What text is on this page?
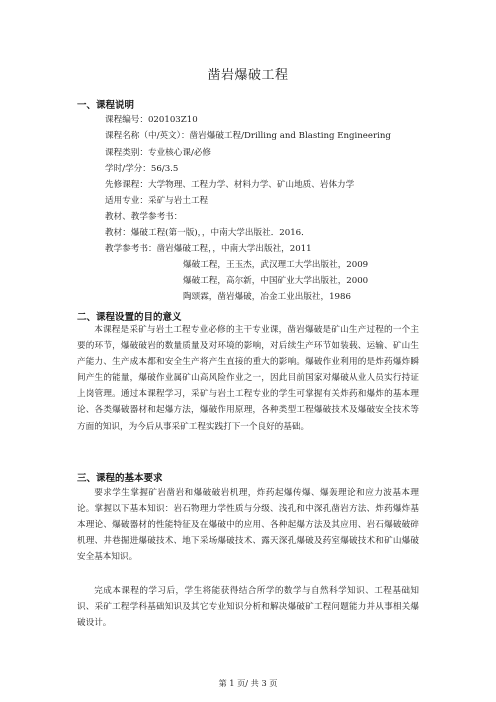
凿岩爆破工程
一、课程说明
课程编号：020103Z10
课程名称（中/英文）：凿岩爆破工程/Drilling and Blasting Engineering
课程类别：专业核心课/必修
学时/学分：56/3.5
先修课程：大学物理、工程力学、材料力学、矿山地质、岩体力学
适用专业：采矿与岩土工程
教材、教学参考书：
教材：爆破工程(第一版)，，中南大学出版社．2016．
教学参考书：凿岩爆破工程，，中南大学出版社，2011
爆破工程，王玉杰，武汉理工大学出版社，2009
爆破工程，高尔新，中国矿业大学出版社，2000
陶颂霖，凿岩爆破，冶金工业出版社，1986
二、课程设置的目的意义

本课程是采矿与岩土工程专业必修的主干专业课，凿岩爆破是矿山生产过程的一个主要的环节，爆破破岩的数量质量及对环境的影响，对后续生产环节如装载、运输、矿山生产能力、生产成本都和安全生产将产生直接的重大的影响。爆破作业利用的是炸药爆炸瞬间产生的能量，爆破作业属矿山高风险作业之一，因此目前国家对爆破从业人员实行持证上岗管理。通过本课程学习，采矿与岩土工程专业的学生可掌握有关炸药和爆炸的基本理论、各类爆破器材和起爆方法，爆破作用原理，各种类型工程爆破技术及爆破安全技术等方面的知识，为今后从事采矿工程实践打下一个良好的基础。

三、课程的基本要求

要求学生掌握矿岩凿岩和爆破破岩机理，炸药起爆传爆、爆轰理论和应力波基本理论。掌握以下基本知识：岩石物理力学性质与分级、浅孔和中深孔凿岩方法、炸药爆炸基本理论、爆破器材的性能特征及在爆破中的应用、各种起爆方法及其应用、岩石爆破破碎机理、井巷掘进爆破技术、地下采场爆破技术、露天深孔爆破及药室爆破技术和矿山爆破安全基本知识。

完成本课程的学习后，学生将能获得结合所学的数学与自然科学知识、工程基础知识、采矿工程学科基础知识及其它专业知识分析和解决爆破矿工程问题能力并从事相关爆破设计。

第 1 页/ 共 3 页
